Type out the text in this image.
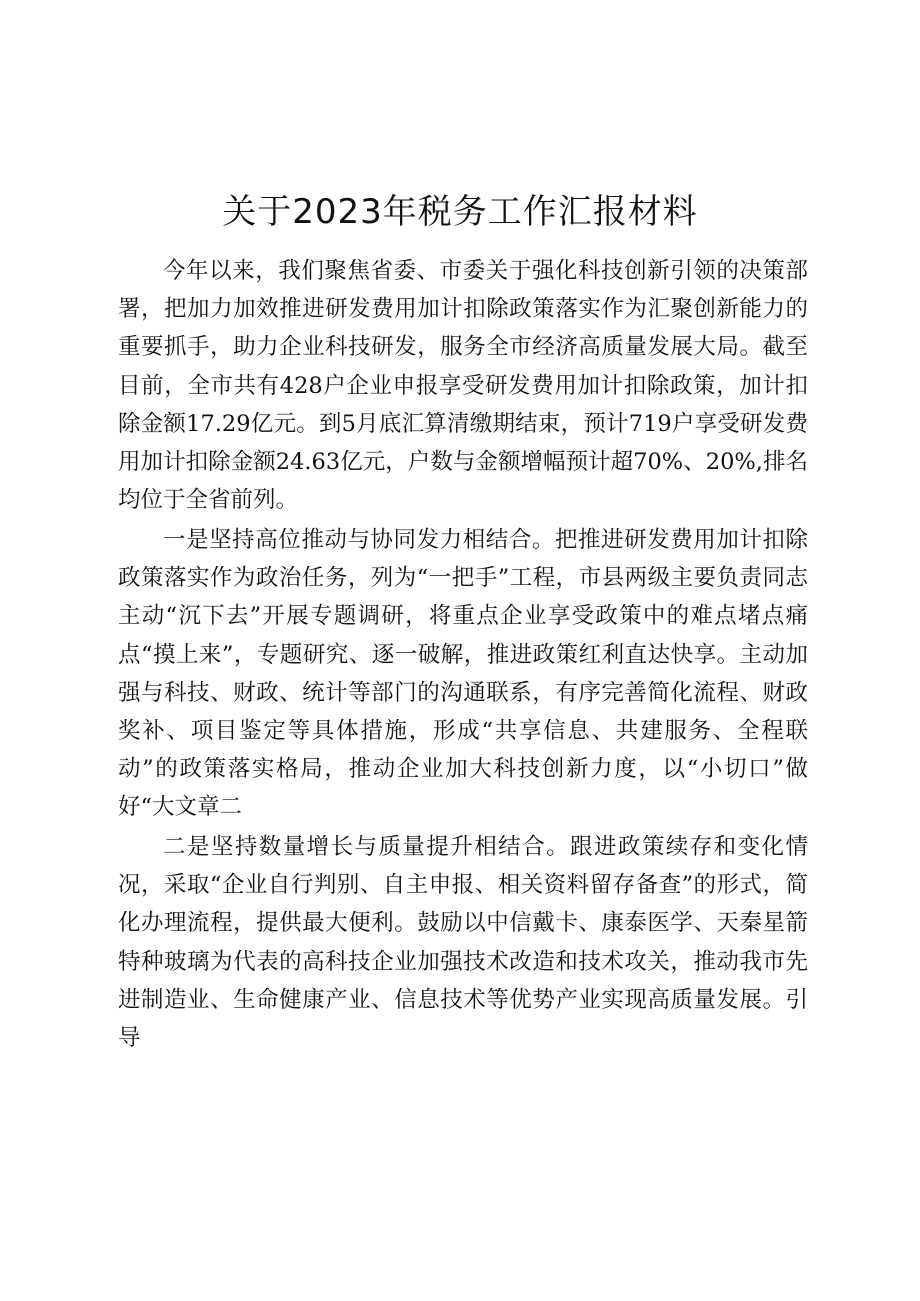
关于2023年税务工作汇报材料

今年以来，我们聚焦省委、市委关于强化科技创新引领的决策部署，把加力加效推进研发费用加计扣除政策落实作为汇聚创新能力的重要抓手，助力企业科技研发，服务全市经济高质量发展大局。截至目前，全市共有428户企业申报享受研发费用加计扣除政策，加计扣除金额17.29亿元。到5月底汇算清缴期结束，预计719户享受研发费用加计扣除金额24.63亿元，户数与金额增幅预计超70%、20%,排名均位于全省前列。

一是坚持高位推动与协同发力相结合。把推进研发费用加计扣除政策落实作为政治任务，列为“一把手”工程，市县两级主要负责同志主动“沉下去”开展专题调研，将重点企业享受政策中的难点堵点痛点“摸上来”，专题研究、逐一破解，推进政策红利直达快享。主动加强与科技、财政、统计等部门的沟通联系，有序完善简化流程、财政奖补、项目鉴定等具体措施，形成“共享信息、共建服务、全程联动”的政策落实格局，推动企业加大科技创新力度，以“小切口”做好“大文章二

二是坚持数量增长与质量提升相结合。跟进政策续存和变化情况，采取“企业自行判别、自主申报、相关资料留存备查”的形式，简化办理流程，提供最大便利。鼓励以中信戴卡、康泰医学、天秦星箭特种玻璃为代表的高科技企业加强技术改造和技术攻关，推动我市先进制造业、生命健康产业、信息技术等优势产业实现高质量发展。引导
